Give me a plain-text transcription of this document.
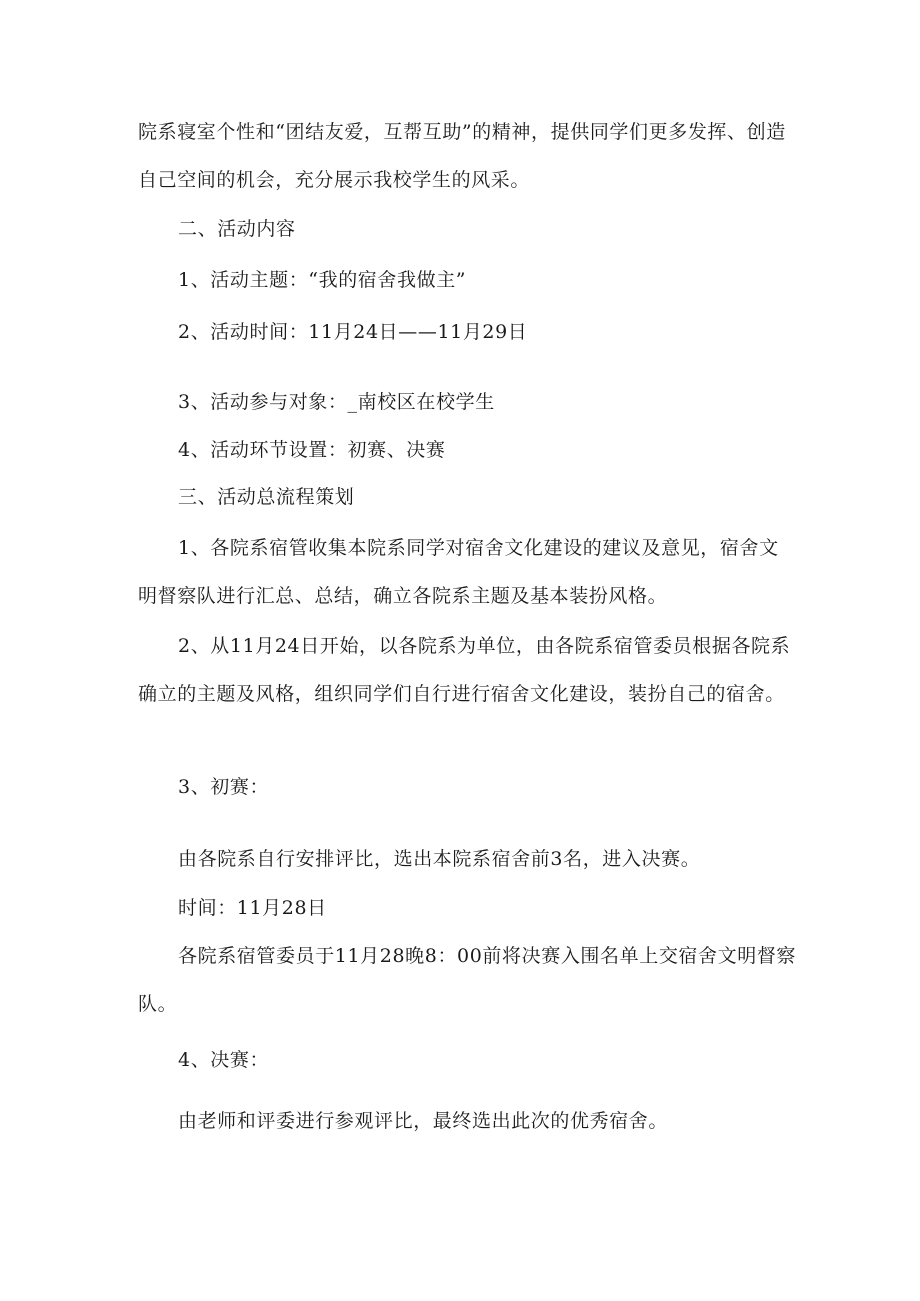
院系寝室个性和“团结友爱，互帮互助”的精神，提供同学们更多发挥、创造自己空间的机会，充分展示我校学生的风采。

二、活动内容

1、活动主题：“我的宿舍我做主”

2、活动时间：11月24日——11月29日

3、活动参与对象：_南校区在校学生

4、活动环节设置：初赛、决赛

三、活动总流程策划

1、各院系宿管收集本院系同学对宿舍文化建设的建议及意见，宿舍文明督察队进行汇总、总结，确立各院系主题及基本装扮风格。

2、从11月24日开始，以各院系为单位，由各院系宿管委员根据各院系确立的主题及风格，组织同学们自行进行宿舍文化建设，装扮自己的宿舍。

3、初赛：

由各院系自行安排评比，选出本院系宿舍前3名，进入决赛。

时间：11月28日

各院系宿管委员于11月28晚8：00前将决赛入围名单上交宿舍文明督察队。

4、决赛：

由老师和评委进行参观评比，最终选出此次的优秀宿舍。
